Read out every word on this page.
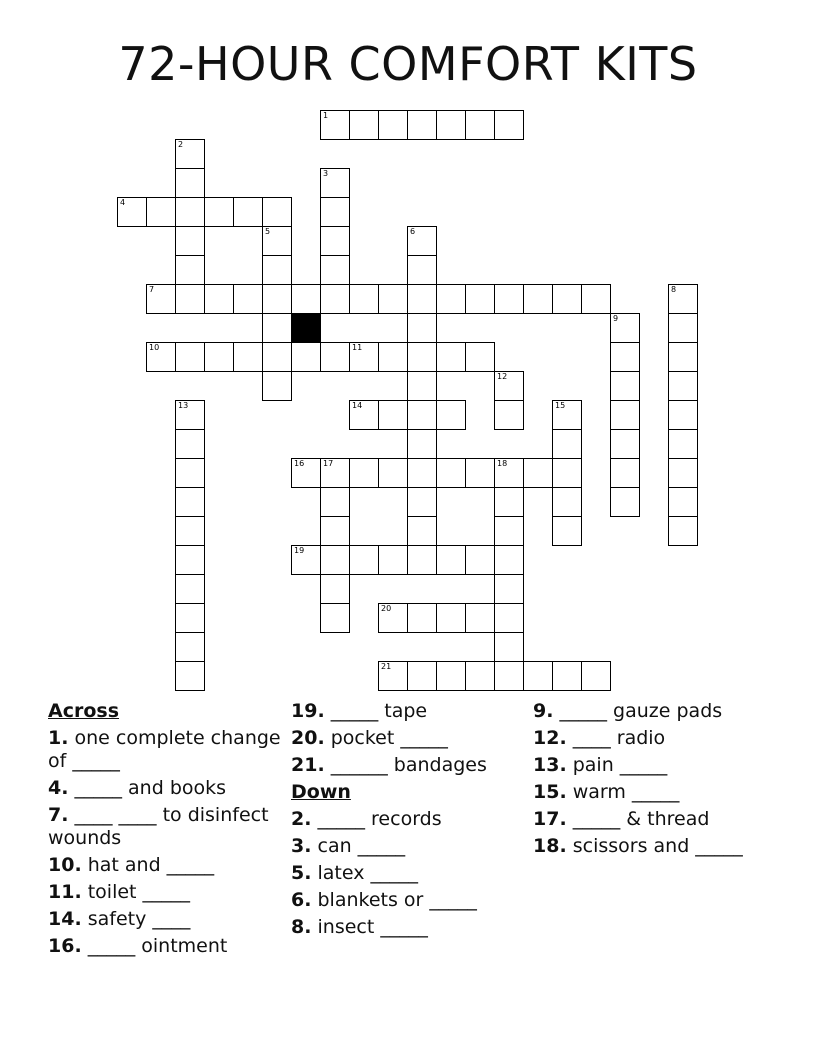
72-HOUR COMFORT KITS
1
4
7
10	11
14
16 17	18
19
20
21
2
3
5	6
8
9
12
13	15
Across
1. one complete change of _____
4. _____ and books
7. ____ ____ to disinfect wounds
10. hat and _____
11. toilet _____
14. safety ____
16. _____ ointment
19. _____ tape
20. pocket _____
21. ______ bandages
Down
2. _____ records
3. can _____
5. latex _____
6. blankets or _____
8. insect _____
9. _____ gauze pads
12. ____ radio
13. pain _____
15. warm _____
17. _____ & thread
18. scissors and _____
